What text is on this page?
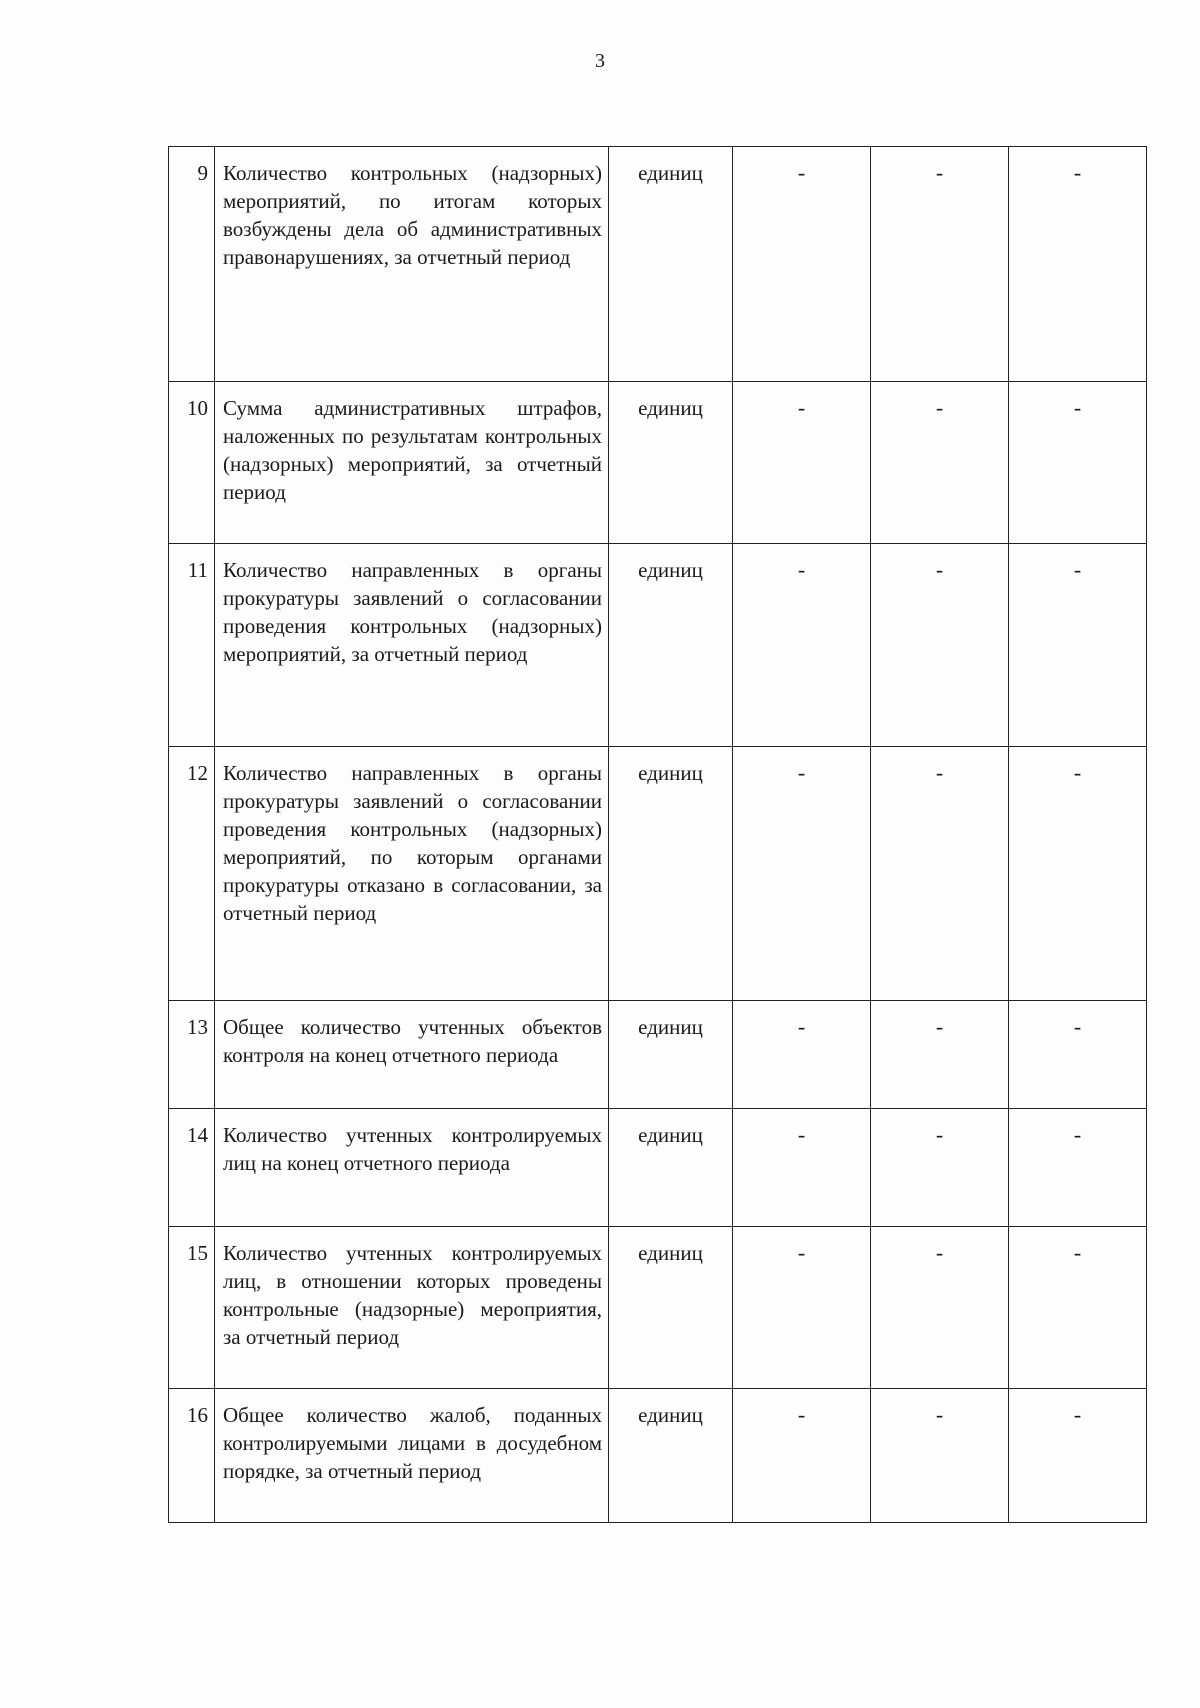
3
9	Количество контрольных (надзорных) мероприятий, по итогам которых возбуждены дела об административных правонарушениях, за отчетный период	единиц	-	-	-
10	Сумма административных штрафов, наложенных по результатам контрольных (надзорных) мероприятий, за отчетный период	единиц	-	-	-
11	Количество направленных в органы прокуратуры заявлений о согласовании проведения контрольных (надзорных) мероприятий, за отчетный период	единиц	-	-	-
12	Количество направленных в органы прокуратуры заявлений о согласовании проведения контрольных (надзорных) мероприятий, по которым органами прокуратуры отказано в согласовании, за отчетный период	единиц	-	-	-
13	Общее количество учтенных объектов контроля на конец отчетного периода	единиц	-	-	-
14	Количество учтенных контролируемых лиц на конец отчетного периода	единиц	-	-	-
15	Количество учтенных контролируемых лиц, в отношении которых проведены контрольные (надзорные) мероприятия, за отчетный период	единиц	-	-	-
16	Общее количество жалоб, поданных контролируемыми лицами в досудебном порядке, за отчетный период	единиц	-	-	-
